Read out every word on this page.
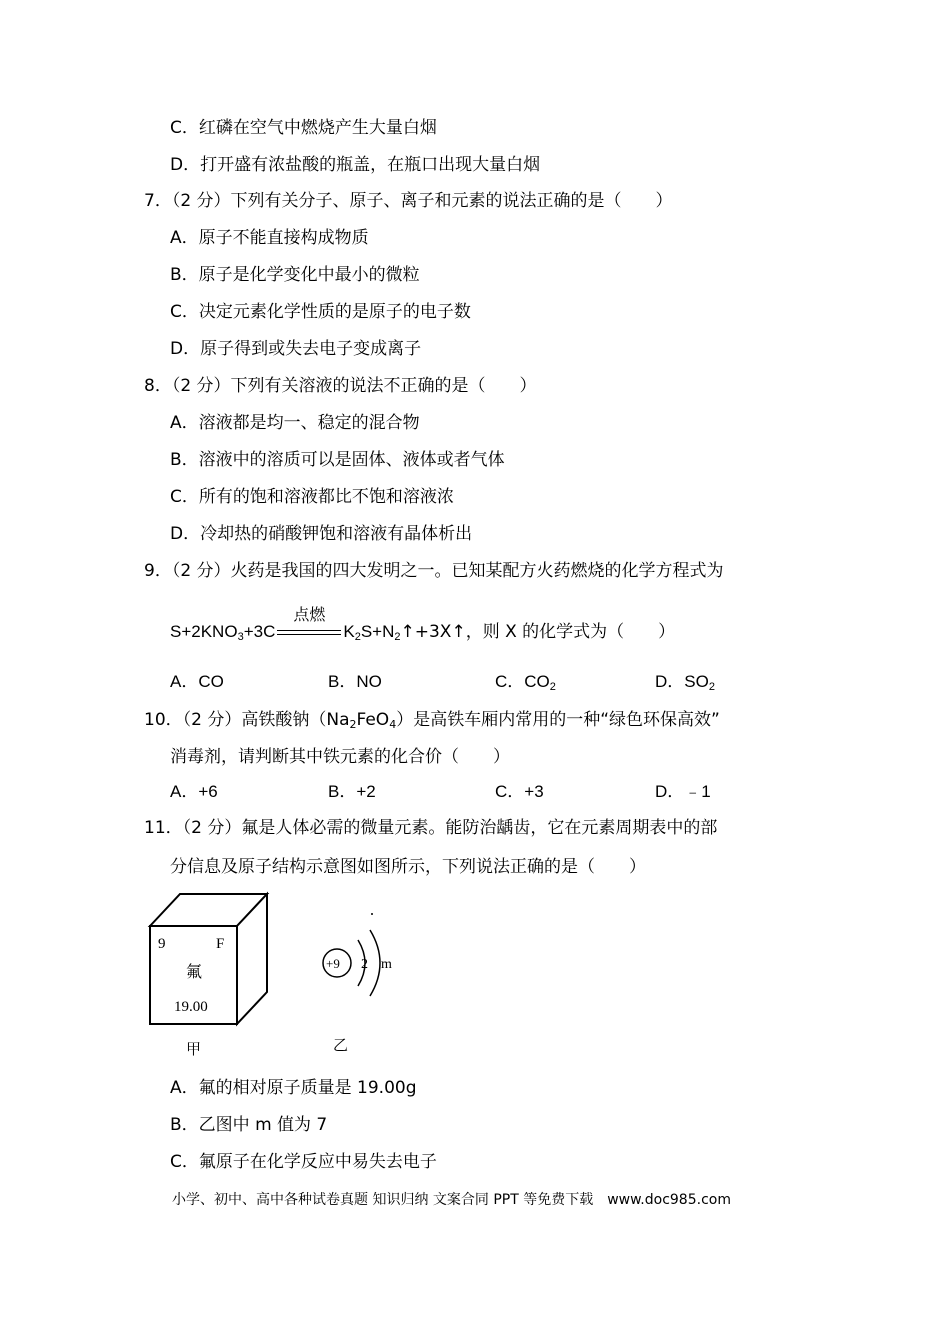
C．红磷在空气中燃烧产生大量白烟
D．打开盛有浓盐酸的瓶盖，在瓶口出现大量白烟
7．（2 分）下列有关分子、原子、离子和元素的说法正确的是（　　）
A．原子不能直接构成物质
B．原子是化学变化中最小的微粒
C．决定元素化学性质的是原子的电子数
D．原子得到或失去电子变成离子
8．（2 分）下列有关溶液的说法不正确的是（　　）
A．溶液都是均一、稳定的混合物
B．溶液中的溶质可以是固体、液体或者气体
C．所有的饱和溶液都比不饱和溶液浓
D．冷却热的硝酸钾饱和溶液有晶体析出
9．（2 分）火药是我国的四大发明之一。已知某配方火药燃烧的化学方程式为
$S+2KNO_3+3C$
点燃
$K_2S+N_2↑+3X↑$，则 X 的化学式为（　　）
A．CO	B．NO	C．$CO_2$	D．$SO_2$
10．（2 分）高铁酸钠$(Na_2FeO_4)$是高铁车厢内常用的一种“绿色环保高效”
消毒剂，请判断其中铁元素的化合价（　　）
A．+6	B．+2	C．+3	D．﹣1
11．（2 分）氟是人体必需的微量元素。能防治龋齿，它在元素周期表中的部
分信息及原子结构示意图如图所示，下列说法正确的是（　　）
9	F
氟
19.00
甲
+9 2 m
乙
A．氟的相对原子质量是 19.00g
B．乙图中 m 值为 7
C．氟原子在化学反应中易失去电子
小学、初中、高中各种试卷真题 知识归纳 文案合同 PPT 等免费下载　www.doc985.com
